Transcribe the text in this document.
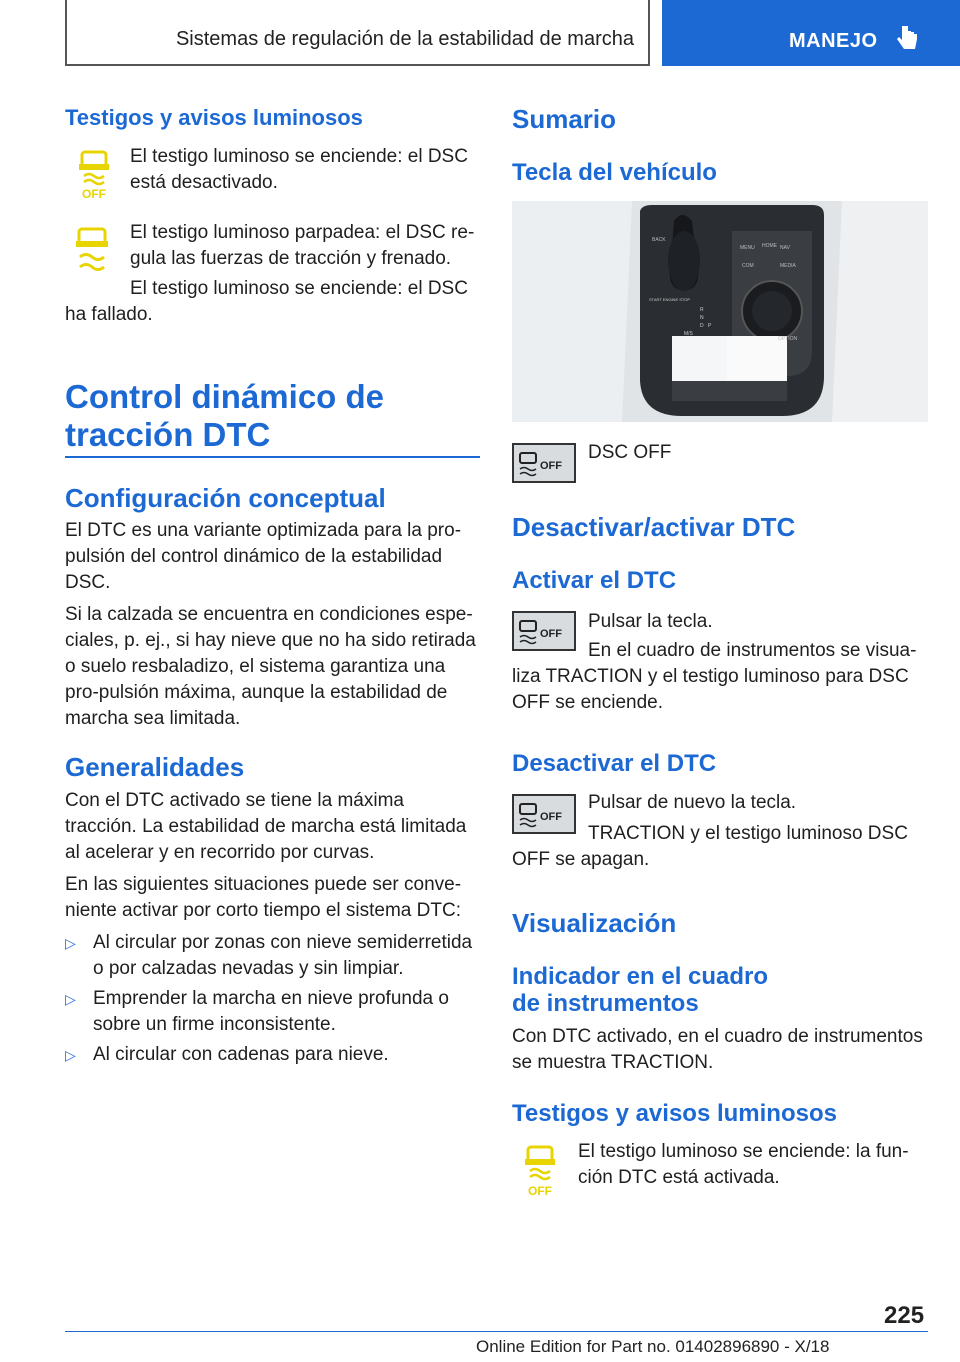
Sistemas de regulación de la estabilidad de marcha	MANEJO
Testigos y avisos luminosos
OFF
El testigo luminoso se enciende: el DSC está desactivado.
El testigo luminoso parpadea: el DSC re-gula las fuerzas de tracción y frenado.
El testigo luminoso se enciende: el DSC
ha fallado.
Control dinámico de
tracción DTC
Configuración conceptual
El DTC es una variante optimizada para la pro-pulsión del control dinámico de la estabilidad DSC.
Si la calzada se encuentra en condiciones espe-ciales, p. ej., si hay nieve que no ha sido retirada o suelo resbaladizo, el sistema garantiza una pro-pulsión máxima, aunque la estabilidad de marcha sea limitada.
Generalidades
Con el DTC activado se tiene la máxima tracción. La estabilidad de marcha está limitada al acelerar y en recorrido por curvas.
En las siguientes situaciones puede ser conve-niente activar por corto tiempo el sistema DTC:
▷ Al circular por zonas con nieve semiderretida o por calzadas nevadas y sin limpiar.
▷ Emprender la marcha en nieve profunda o sobre un firme inconsistente.
▷ Al circular con cadenas para nieve.
Sumario
Tecla del vehículo
BACK
MENU HOME NAV
COM	MEDIA
OPTION
START ENGINE STOP
R
N
D P
M/S
OFF
DSC OFF
Desactivar/activar DTC
Activar el DTC
OFF
Pulsar la tecla.
En el cuadro de instrumentos se visua-liza TRACTION y el testigo luminoso para DSC OFF se enciende.
Desactivar el DTC
OFF
Pulsar de nuevo la tecla.
TRACTION y el testigo luminoso DSC OFF se apagan.
Visualización
Indicador en el cuadro
de instrumentos
Con DTC activado, en el cuadro de instrumentos se muestra TRACTION.
Testigos y avisos luminosos
OFF
El testigo luminoso se enciende: la fun-ción DTC está activada.
225
Online Edition for Part no. 01402896890 - X/18
